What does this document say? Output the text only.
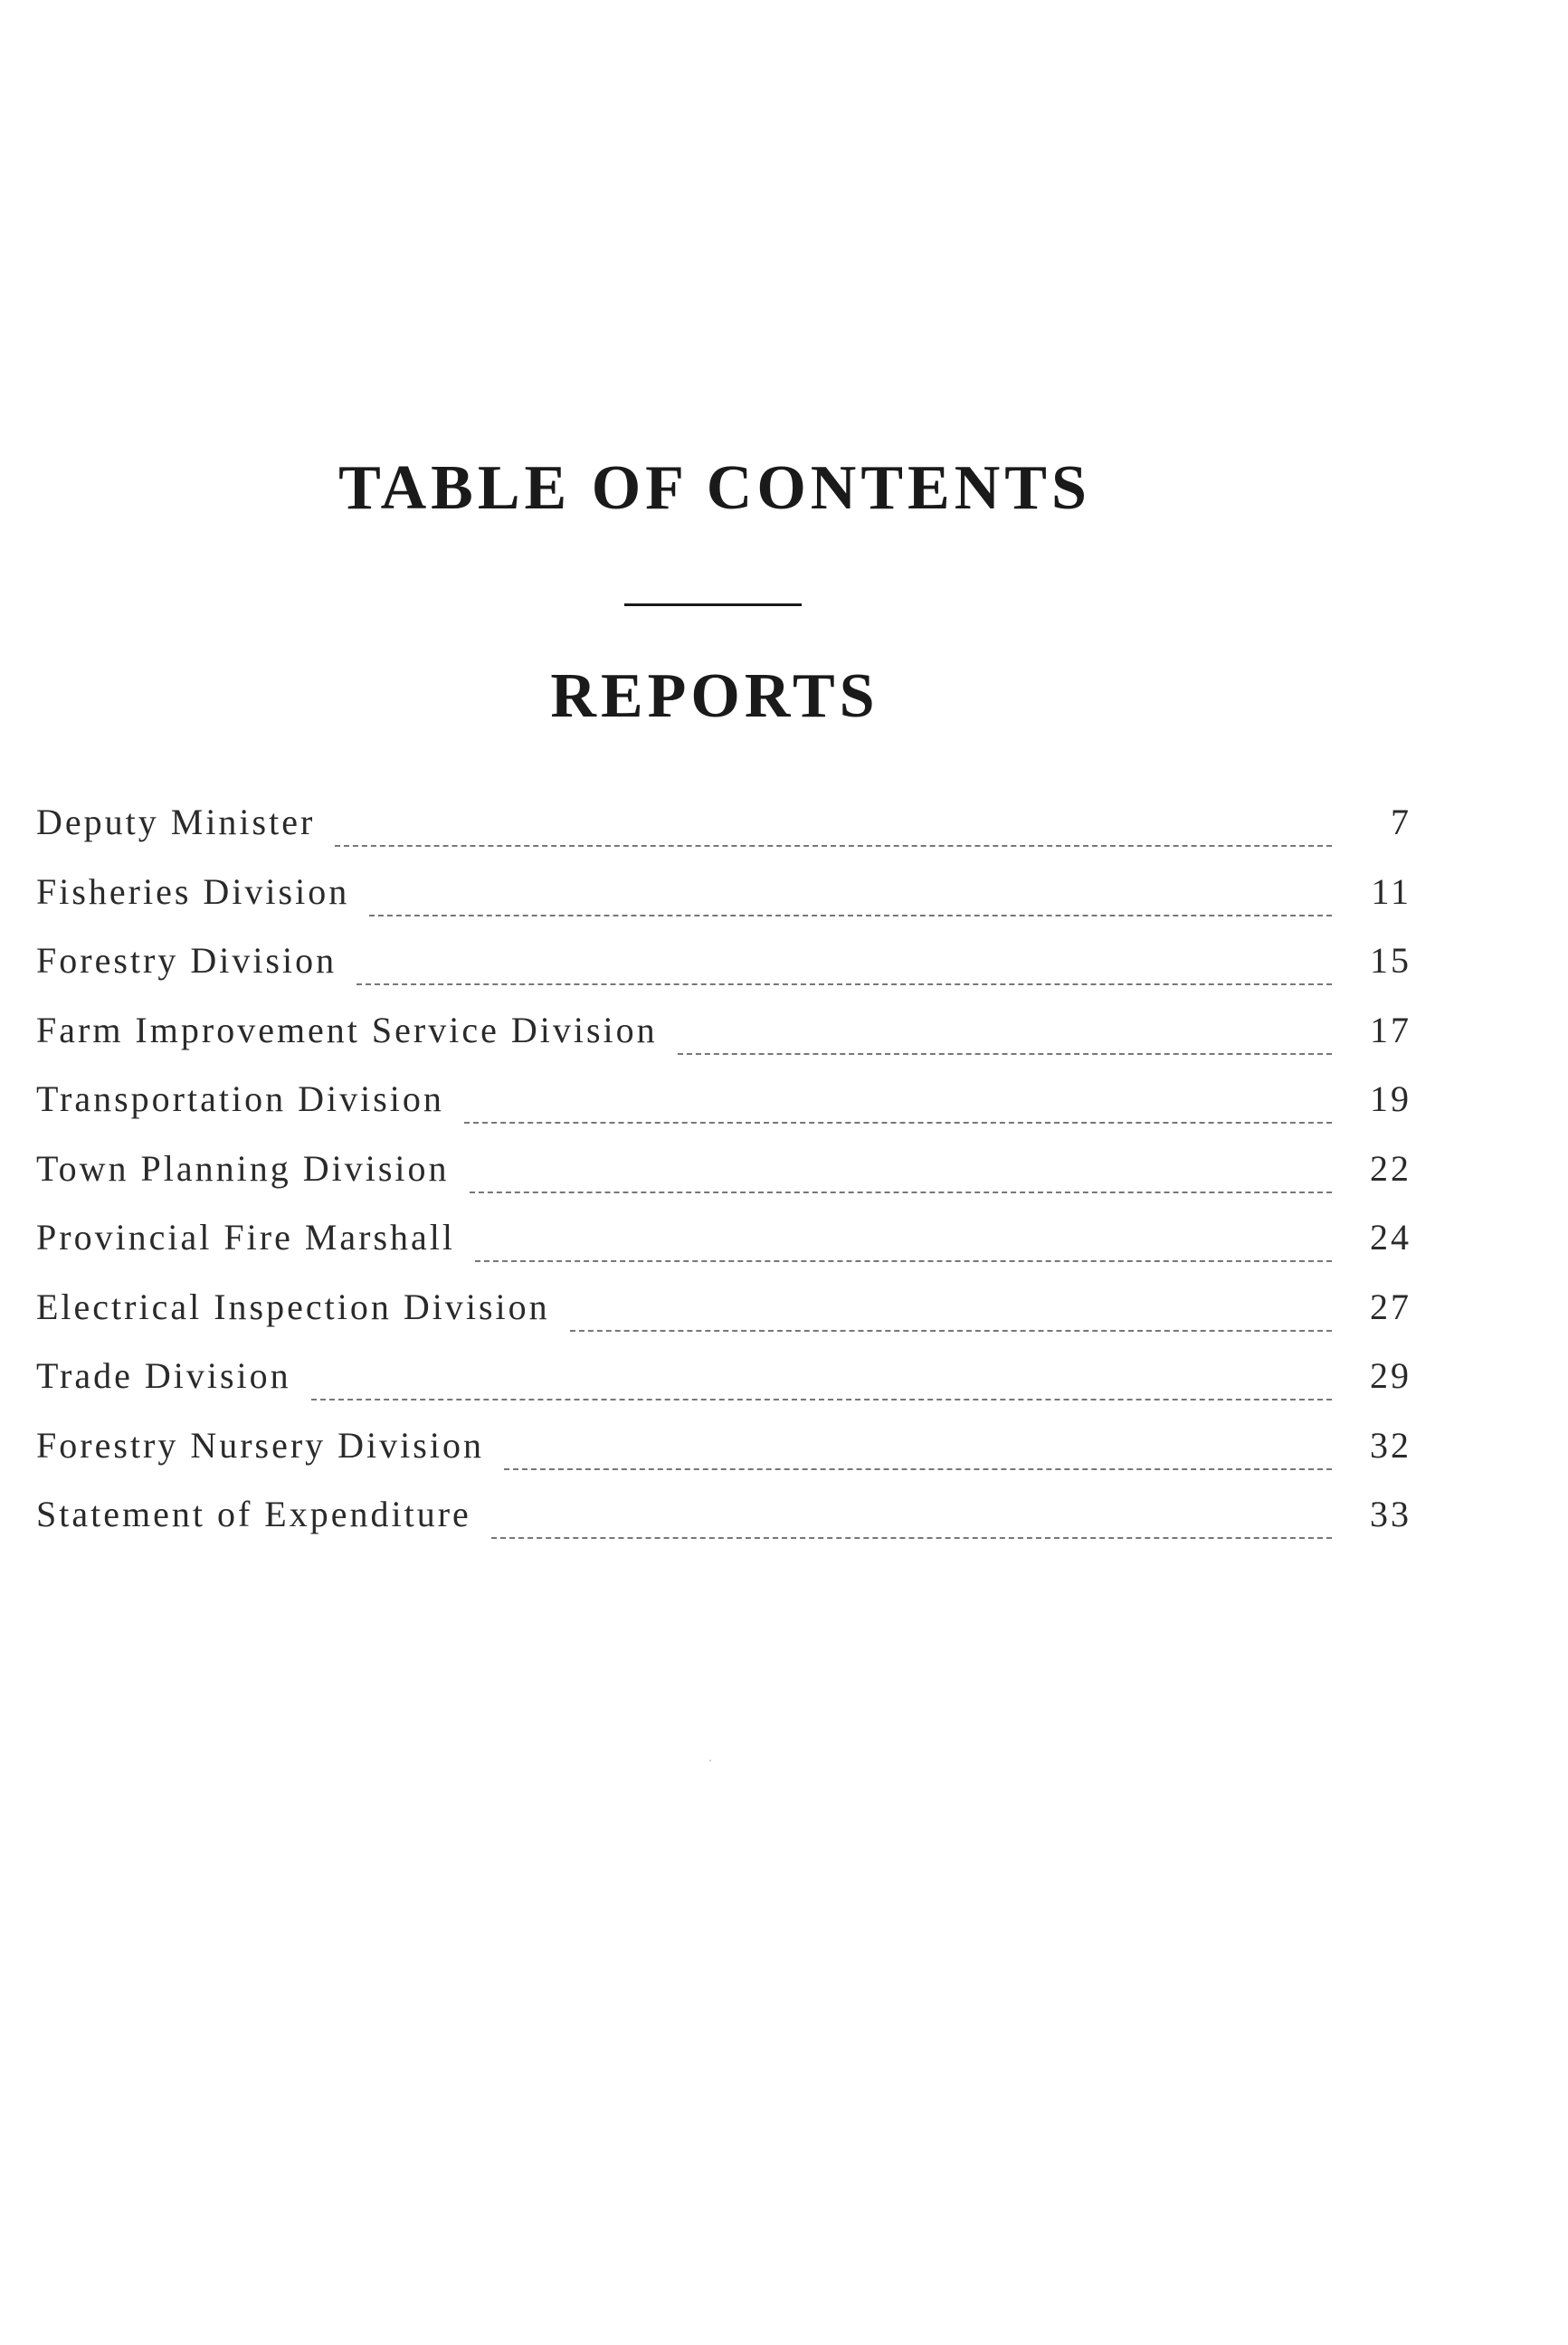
TABLE OF CONTENTS
REPORTS
Deputy Minister	7
Fisheries Division	11
Forestry Division	15
Farm Improvement Service Division	17
Transportation Division	19
Town Planning Division	22
Provincial Fire Marshall	24
Electrical Inspection Division	27
Trade Division	29
Forestry Nursery Division	32
Statement of Expenditure	33
